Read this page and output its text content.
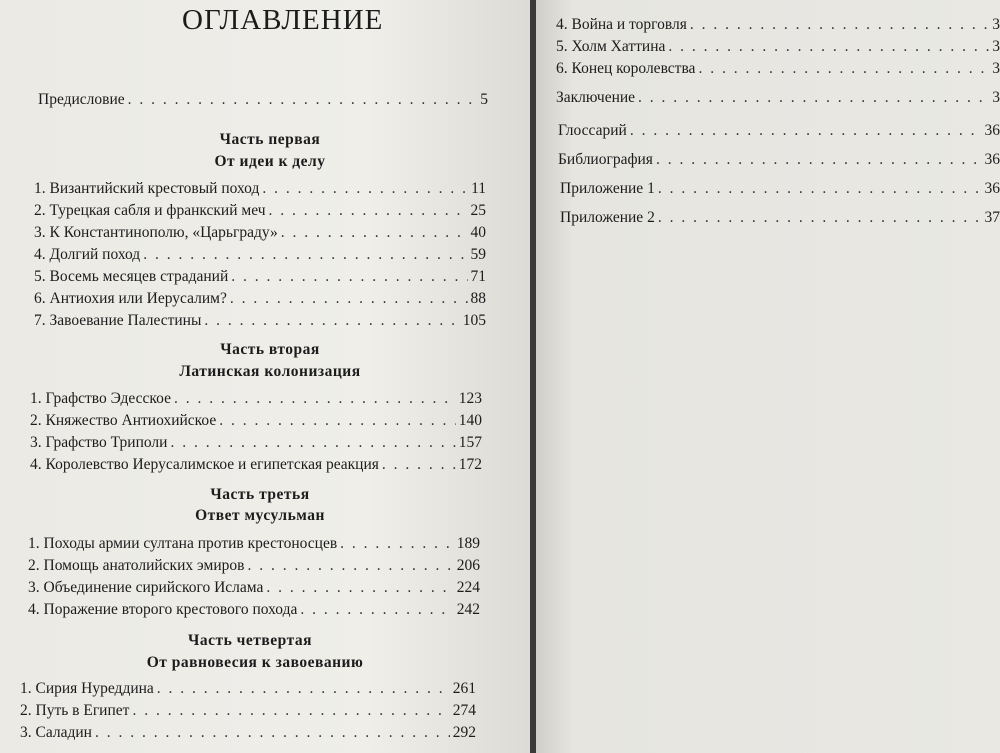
ОГЛАВЛЕНИЕ
Предисловие . . .	5
Часть первая
От идеи к делу
1. Византийский крестовый поход . . .	11
2. Турецкая сабля и франкский меч . . .	25
3. К Константинополю, «Царьграду» . . .	40
4. Долгий поход . . .	59
5. Восемь месяцев страданий . . .	71
6. Антиохия или Иерусалим? . . .	88
7. Завоевание Палестины . . .	105
Часть вторая
Латинская колонизация
1. Графство Эдесское . . .	123
2. Княжество Антиохийское . . .	140
3. Графство Триполи . . .	157
4. Королевство Иерусалимское и египетская реакция . . .	172
Часть третья
Ответ мусульман
1. Походы армии султана против крестоносцев . . .	189
2. Помощь анатолийских эмиров . . .	206
3. Объединение сирийского Ислама . . .	224
4. Поражение второго крестового похода . . .	242
Часть четвертая
От равновесия к завоеванию
1. Сирия Нуреддина . . .	261
2. Путь в Египет . . .	274
3. Саладин . . .	292
4. Война и торговля . . .	3
5. Холм Хаттина . . .	3
6. Конец королевства . . .	3
Заключение . . .	3
Глоссарий . . .	36
Библиография . . .	36
Приложение 1 . . .	36
Приложение 2 . . .	37
